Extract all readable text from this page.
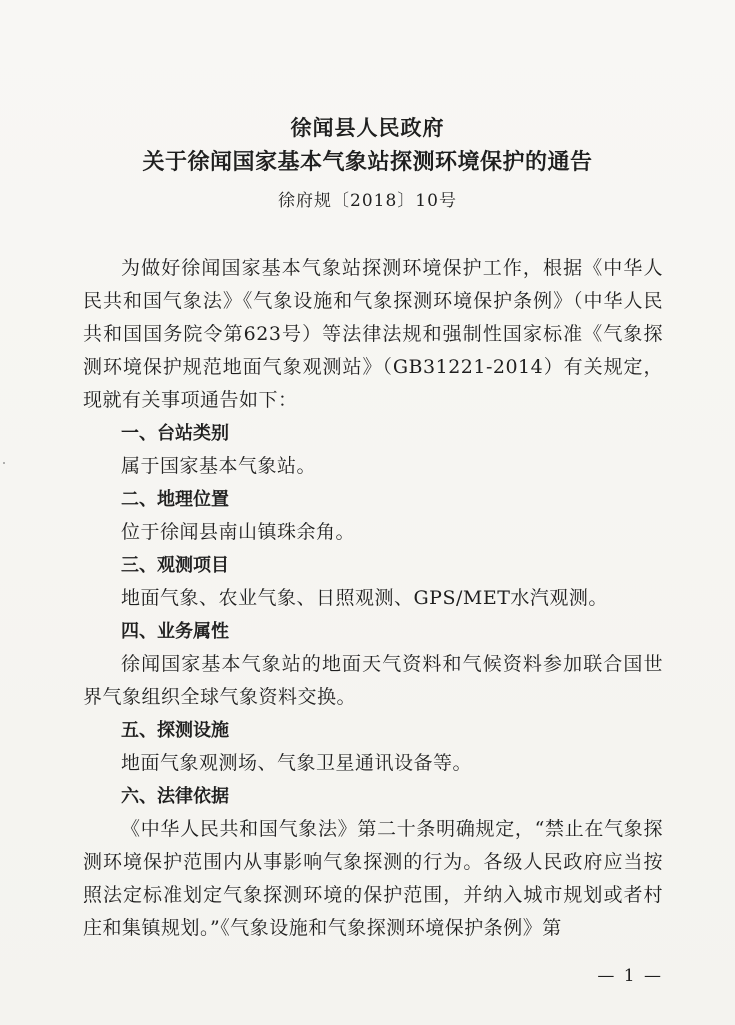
徐闻县人民政府
关于徐闻国家基本气象站探测环境保护的通告
徐府规〔2018〕10号

为做好徐闻国家基本气象站探测环境保护工作，根据《中华人民共和国气象法》《气象设施和气象探测环境保护条例》（中华人民共和国国务院令第623号）等法律法规和强制性国家标准《气象探测环境保护规范地面气象观测站》（GB31221-2014）有关规定，现就有关事项通告如下：

一、台站类别

属于国家基本气象站。

二、地理位置

位于徐闻县南山镇珠余角。

三、观测项目

地面气象、农业气象、日照观测、GPS/MET水汽观测。

四、业务属性

徐闻国家基本气象站的地面天气资料和气候资料参加联合国世界气象组织全球气象资料交换。

五、探测设施

地面气象观测场、气象卫星通讯设备等。

六、法律依据

《中华人民共和国气象法》第二十条明确规定，“禁止在气象探测环境保护范围内从事影响气象探测的行为。各级人民政府应当按照法定标准划定气象探测环境的保护范围，并纳入城市规划或者村庄和集镇规划。”《气象设施和气象探测环境保护条例》第

— 1 —
